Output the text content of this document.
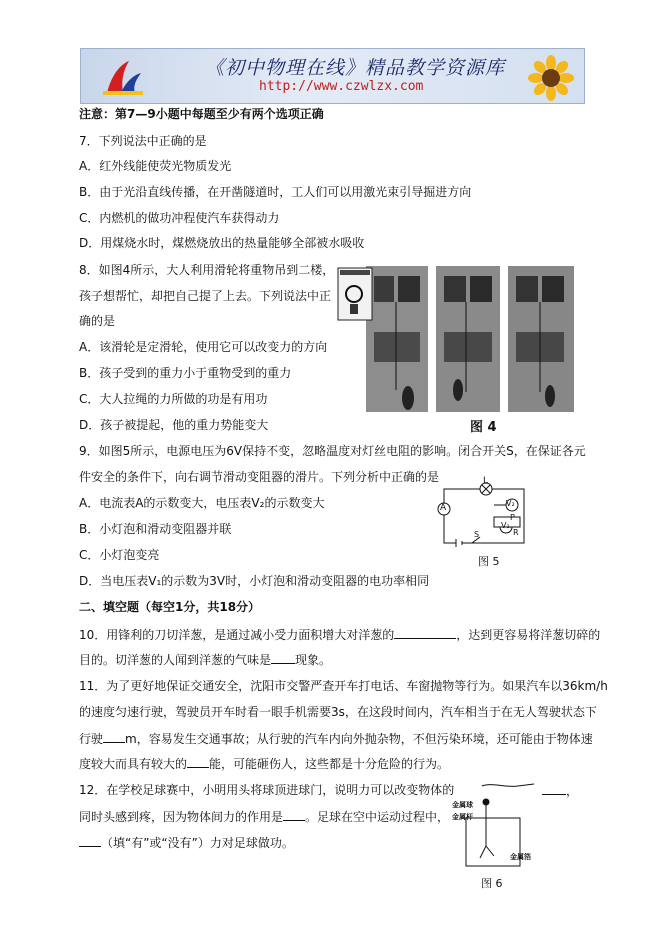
《初中物理在线》精品教学资源库
http://www.czwlzx.com
注意：第7—9小题中每题至少有两个选项正确
7．下列说法中正确的是
A．红外线能使荧光物质发光
B．由于光沿直线传播，在开凿隧道时，工人们可以用激光束引导掘进方向
C．内燃机的做功冲程使汽车获得动力
D．用煤烧水时，煤燃烧放出的热量能够全部被水吸收
8．如图4所示，大人利用滑轮将重物吊到二楼，
孩子想帮忙，却把自己提了上去。下列说法中正
确的是
A．该滑轮是定滑轮，使用它可以改变力的方向
B．孩子受到的重力小于重物受到的重力
C．大人拉绳的力所做的功是有用功
D．孩子被提起，他的重力势能变大	图 4
9．如图5所示，电源电压为6V保持不变，忽略温度对灯丝电阻的影响。闭合开关S，在保证各元
件安全的条件下，向右调节滑动变阻器的滑片。下列分析中正确的是
A．电流表A的示数变大，电压表V₂的示数变大
B．小灯泡和滑动变阻器并联
C．小灯泡变亮
D．当电压表V₁的示数为3V时，小灯泡和滑动变阻器的电功率相同
L
A	V₂
V₁
S
P
R
图 5
二、填空题（每空1分，共18分）
10．用锋利的刀切洋葱，是通过减小受力面积增大对洋葱的	，达到更容易将洋葱切碎的
目的。切洋葱的人闻到洋葱的气味是 现象。
11．为了更好地保证交通安全，沈阳市交警严查开车打电话、车窗抛物等行为。如果汽车以36km/h
的速度匀速行驶，驾驶员开车时看一眼手机需要3s，在这段时间内，汽车相当于在无人驾驶状态下
行驶 m，容易发生交通事故；从行驶的汽车内向外抛杂物，不但污染环境，还可能由于物体速
度较大而具有较大的 能，可能砸伤人，这些都是十分危险的行为。
12．在学校足球赛中，小明用头将球顶进球门，说明力可以改变物体的	，
同时头感到疼，因为物体间力的作用是 。足球在空中运动过程中，
（填“有”或“没有”）力对足球做功。
金属球
金属杆
金属箔
图 6
